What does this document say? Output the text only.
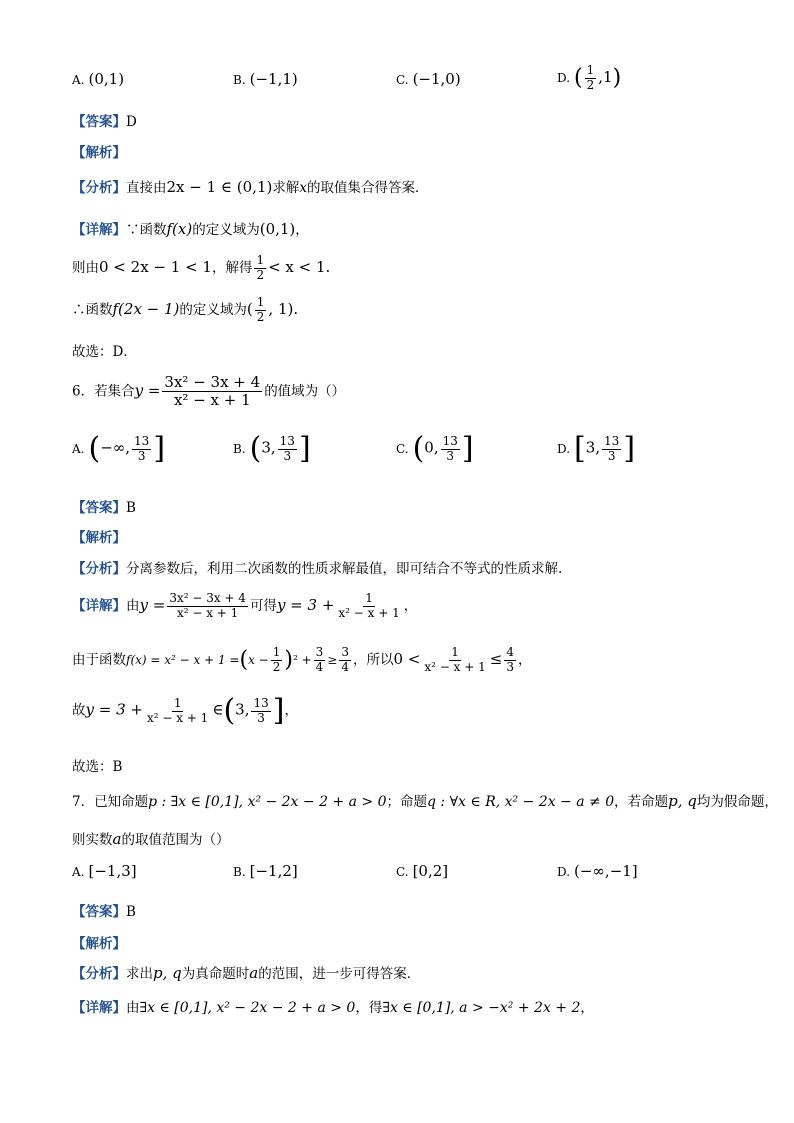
A. (0,1)	B. (−1,1)	C. (−1,0)	D. ( $\frac{1}{2} ,1$)
【答案】D
【解析】
【分析】直接由2x − 1 ∈ (0,1)求解x的取值集合得答案．
【详解】∵函数f(x)的定义域为(0,1)，
则由0 < 2x − 1 < 1，解得 $\frac{1}{2} < x < 1$.
∴函数f(2x − 1)的定义域为( $\frac{1}{2}$ , 1).
故选：D．
6．若集合$y = \frac{\text{3x² − 3x + 4}}{\text{x² − x + 1}}$ 的值域为（）
A. (−∞, $\frac{13}{3}$ ]	B. (3, $\frac{13}{3}$ ]	C. (0, $\frac{13}{3}$ ]	D. [3, $\frac{13}{3}$ ]
【答案】B
【解析】
【分析】分离参数后，利用二次函数的性质求解最值，即可结合不等式的性质求解.
【详解】由$y = \frac{\text{3x² − 3x + 4}}{\text{x² − x + 1}}$ 可得$y = 3 + \frac{1}{\text{x² − x + 1}}$ ，
由于函数$f(x) = x^2 - x + 1 =(x - \frac{1}{2} )^2 + \frac{3}{4} \ge \frac{3}{4}$ ，所以$0 < \frac{1}{\text{x² − x + 1}} \le \frac{4}{3}$ ，
故$y = 3 + \frac{1}{\text{x² − x + 1}}$ ∈(3, $\frac{13}{3}$ ]，
故选：B
7．已知命题p : ∃x ∈ [0,1], x² − 2x − 2 + a > 0；命题q : ∀x ∈ R, x² − 2x − a ≠ 0，若命题p, q均为假命题，
则实数a的取值范围为（）
A. [−1,3]	B. [−1,2]	C. [0,2]	D. (−∞,−1]
【答案】B
【解析】
【分析】求出p, q为真命题时a的范围，进一步可得答案．
【详解】由∃x ∈ [0,1], x² − 2x − 2 + a > 0，得∃x ∈ [0,1], a > −x² + 2x + 2，
